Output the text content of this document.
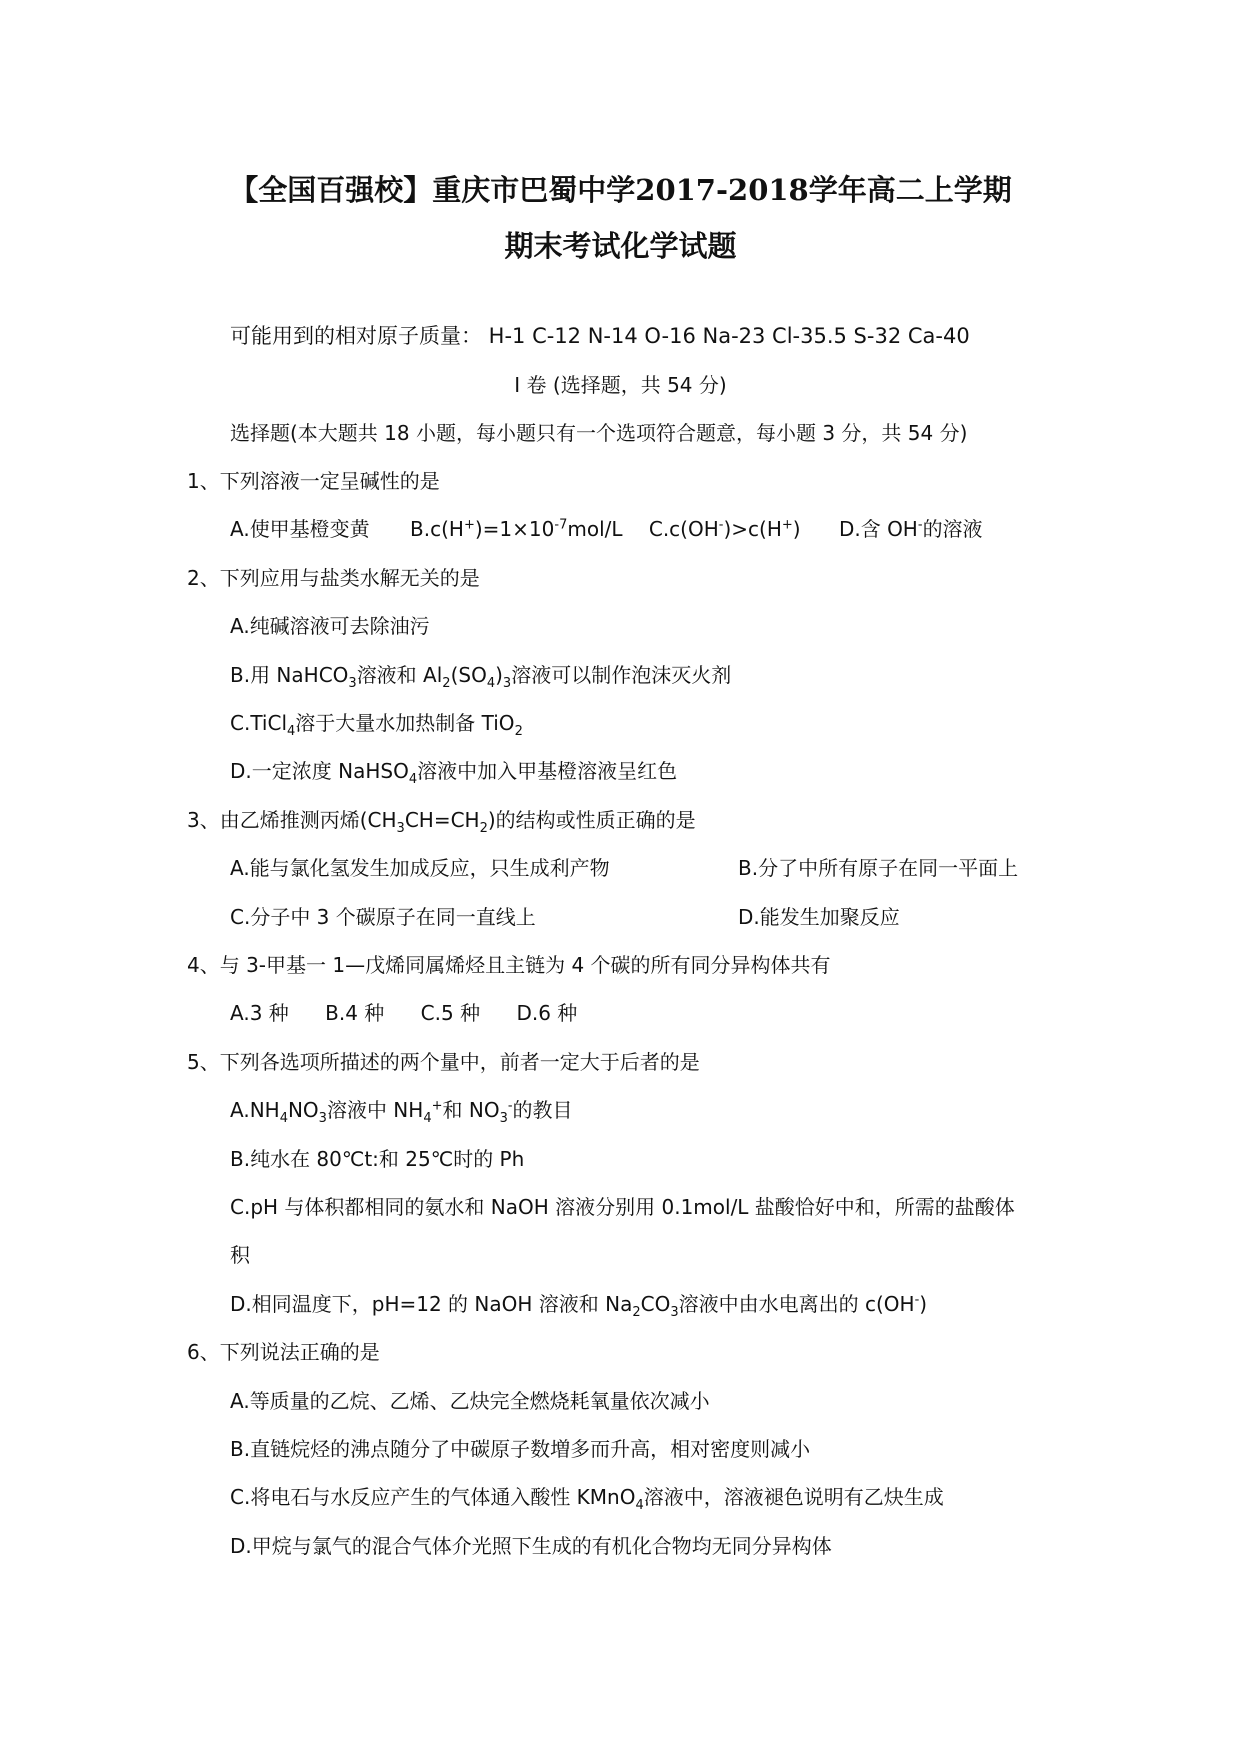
【全国百强校】重庆市巴蜀中学2017-2018学年高二上学期
期末考试化学试题
可能用到的相对原子质量： H-1 C-12 N-14 O-16 Na-23 Cl-35.5 S-32 Ca-40
I 卷 (选择题，共 54 分)
选择题(本大题共 18 小题，每小题只有一个选项符合题意，每小题 3 分，共 54 分)
1、下列溶液一定呈碱性的是
A.使甲基橙变黄 $B.c(H^+)=1\times 10^{-7}mol/L$ C.c(OH-)>c(H+) D.含 OH-的溶液
2、下列应用与盐类水解无关的是
A.纯碱溶液可去除油污
B.用 NaHCO$_3$溶液和 $Al_2(SO_4)_3$溶液可以制作泡沫灭火剂
C.TiCl$_4$溶于大量水加热制备 TiO$_2$
D.一定浓度 NaHSO$_4$溶液中加入甲基橙溶液呈红色
3、由乙烯推测丙烯$(CH_3CH=CH_2)$的结构或性质正确的是
A.能与氯化氢发生加成反应，只生成利产物	B.分了中所有原子在同一平面上
C.分子中 3 个碳原子在同一直线上	D.能发生加聚反应
4、与 3-甲基一 1—戊烯同属烯烃且主链为 4 个碳的所有同分异构体共有
A.3 种 B.4 种 C.5 种 D.6 种
5、下列各选项所描述的两个量中，前者一定大于后者的是
$A.NH_4NO_3$溶液中 $NH_4^+$和 $NO_3^-$的教目
B.纯水在 80℃t:和 25℃时的 Ph
C.pH 与体积都相同的氨水和 NaOH 溶液分别用 0.1mol/L 盐酸恰好中和，所需的盐酸体
积
D.相同温度下，pH=12 的 NaOH 溶液和 $Na_2CO_3$溶液中由水电离出的 c(OH-)
6、下列说法正确的是
A.等质量的乙烷、乙烯、乙炔完全燃烧耗氧量依次减小
B.直链烷烃的沸点随分了中碳原子数増多而升高，相对密度则减小
C.将电石与水反应产生的气体通入酸性 KMnO$_4$溶液中，溶液褪色说明有乙炔生成
D.甲烷与氯气的混合气体介光照下生成的有机化合物均无同分异构体
